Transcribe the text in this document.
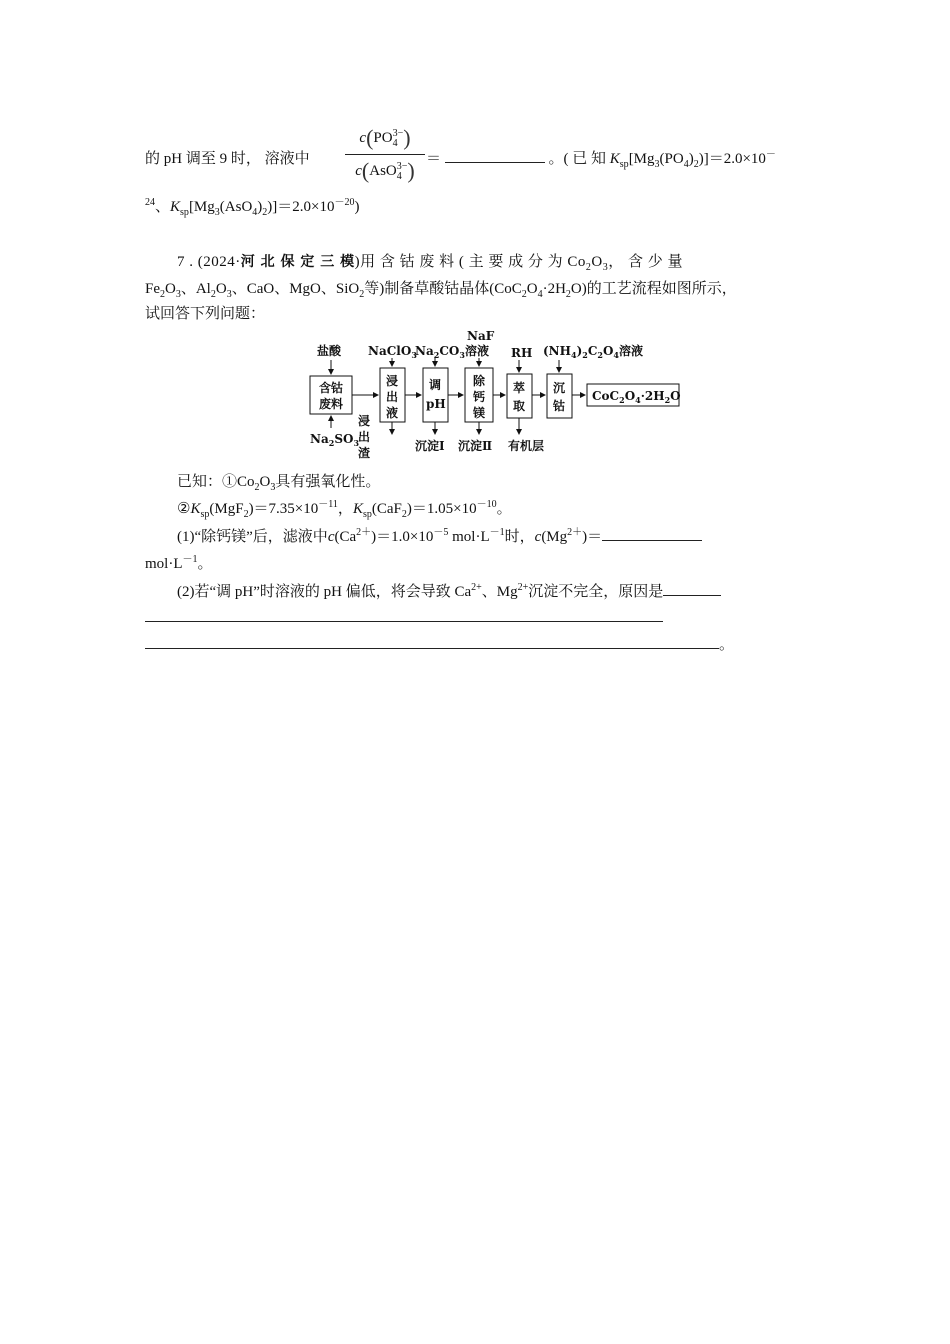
的 pH 调至 9 时， 溶液中
$c(PO_4^{3-})$
c(AsO$_4^{3-}$) ＝	。( 已 知 $K_{sp}[Mg_3(PO_4)_2)]=2.0\times 10^-$
$^{24}$、$K_{sp}[Mg_3(AsO_4)_2)]=2.0\times 10^{-20}$)
7 . (2024·河 北 保 定 三 模)用 含 钴 废 料 ( 主 要 成 分 为 $Co_2O_3$， 含 少 量
$Fe_2O_3$、$Al_2O_3$、CaO、MgO、SiO$_2$等)制备草酸钴晶体$(CoC_2O_4\cdot 2H_2O)$的工艺流程如图所示，
试回答下列问题：
盐酸 NaClO$_3$
$Na_2CO_3$
NaF
溶液 RH $(NH_4)_2C_2O_4$溶液
含钴
废料
浸
出
液
调
pH
除
钙
镁
萃
取
沉
钴
$CoC_2O_4\cdot 2H_2O$
$Na_2SO_3$
浸
出
渣	沉淀Ⅰ 沉淀Ⅱ 有机层
已知：$①Co_2O_3$具有强氧化性。
$②K_{sp}(MgF_2)=7.35\times 10^{-11}$，$K_{sp}(CaF_2)=1.05\times 10^{-10}$。
(1)“除钙镁”后，滤液中$c(Ca^{2+})=1.0\times 10^{-5}$ $mol\cdot L^{-1}$时，$c(Mg^{2+})=$
$mol\cdot L^{-1}$。
(2)若“调 pH”时溶液的 pH 偏低，将会导致 $Ca^{2+}$、$Mg^{2+}$沉淀不完全，原因是
。
